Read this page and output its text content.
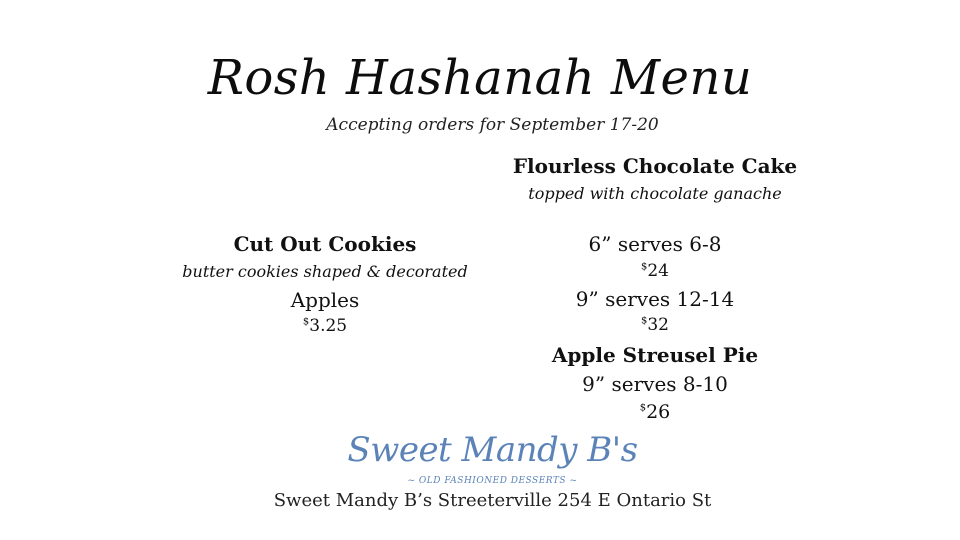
Rosh Hashanah Menu
Accepting orders for September 17-20
Cut Out Cookies
butter cookies shaped & decorated
Apples
$3.25
Flourless Chocolate Cake
topped with chocolate ganache
6” serves 6-8
$24
9” serves 12-14
$32
Apple Streusel Pie
9” serves 8-10
$26
Sweet Mandy B's
~ OLD FASHIONED DESSERTS ~
Sweet Mandy B’s Streeterville 254 E Ontario St
